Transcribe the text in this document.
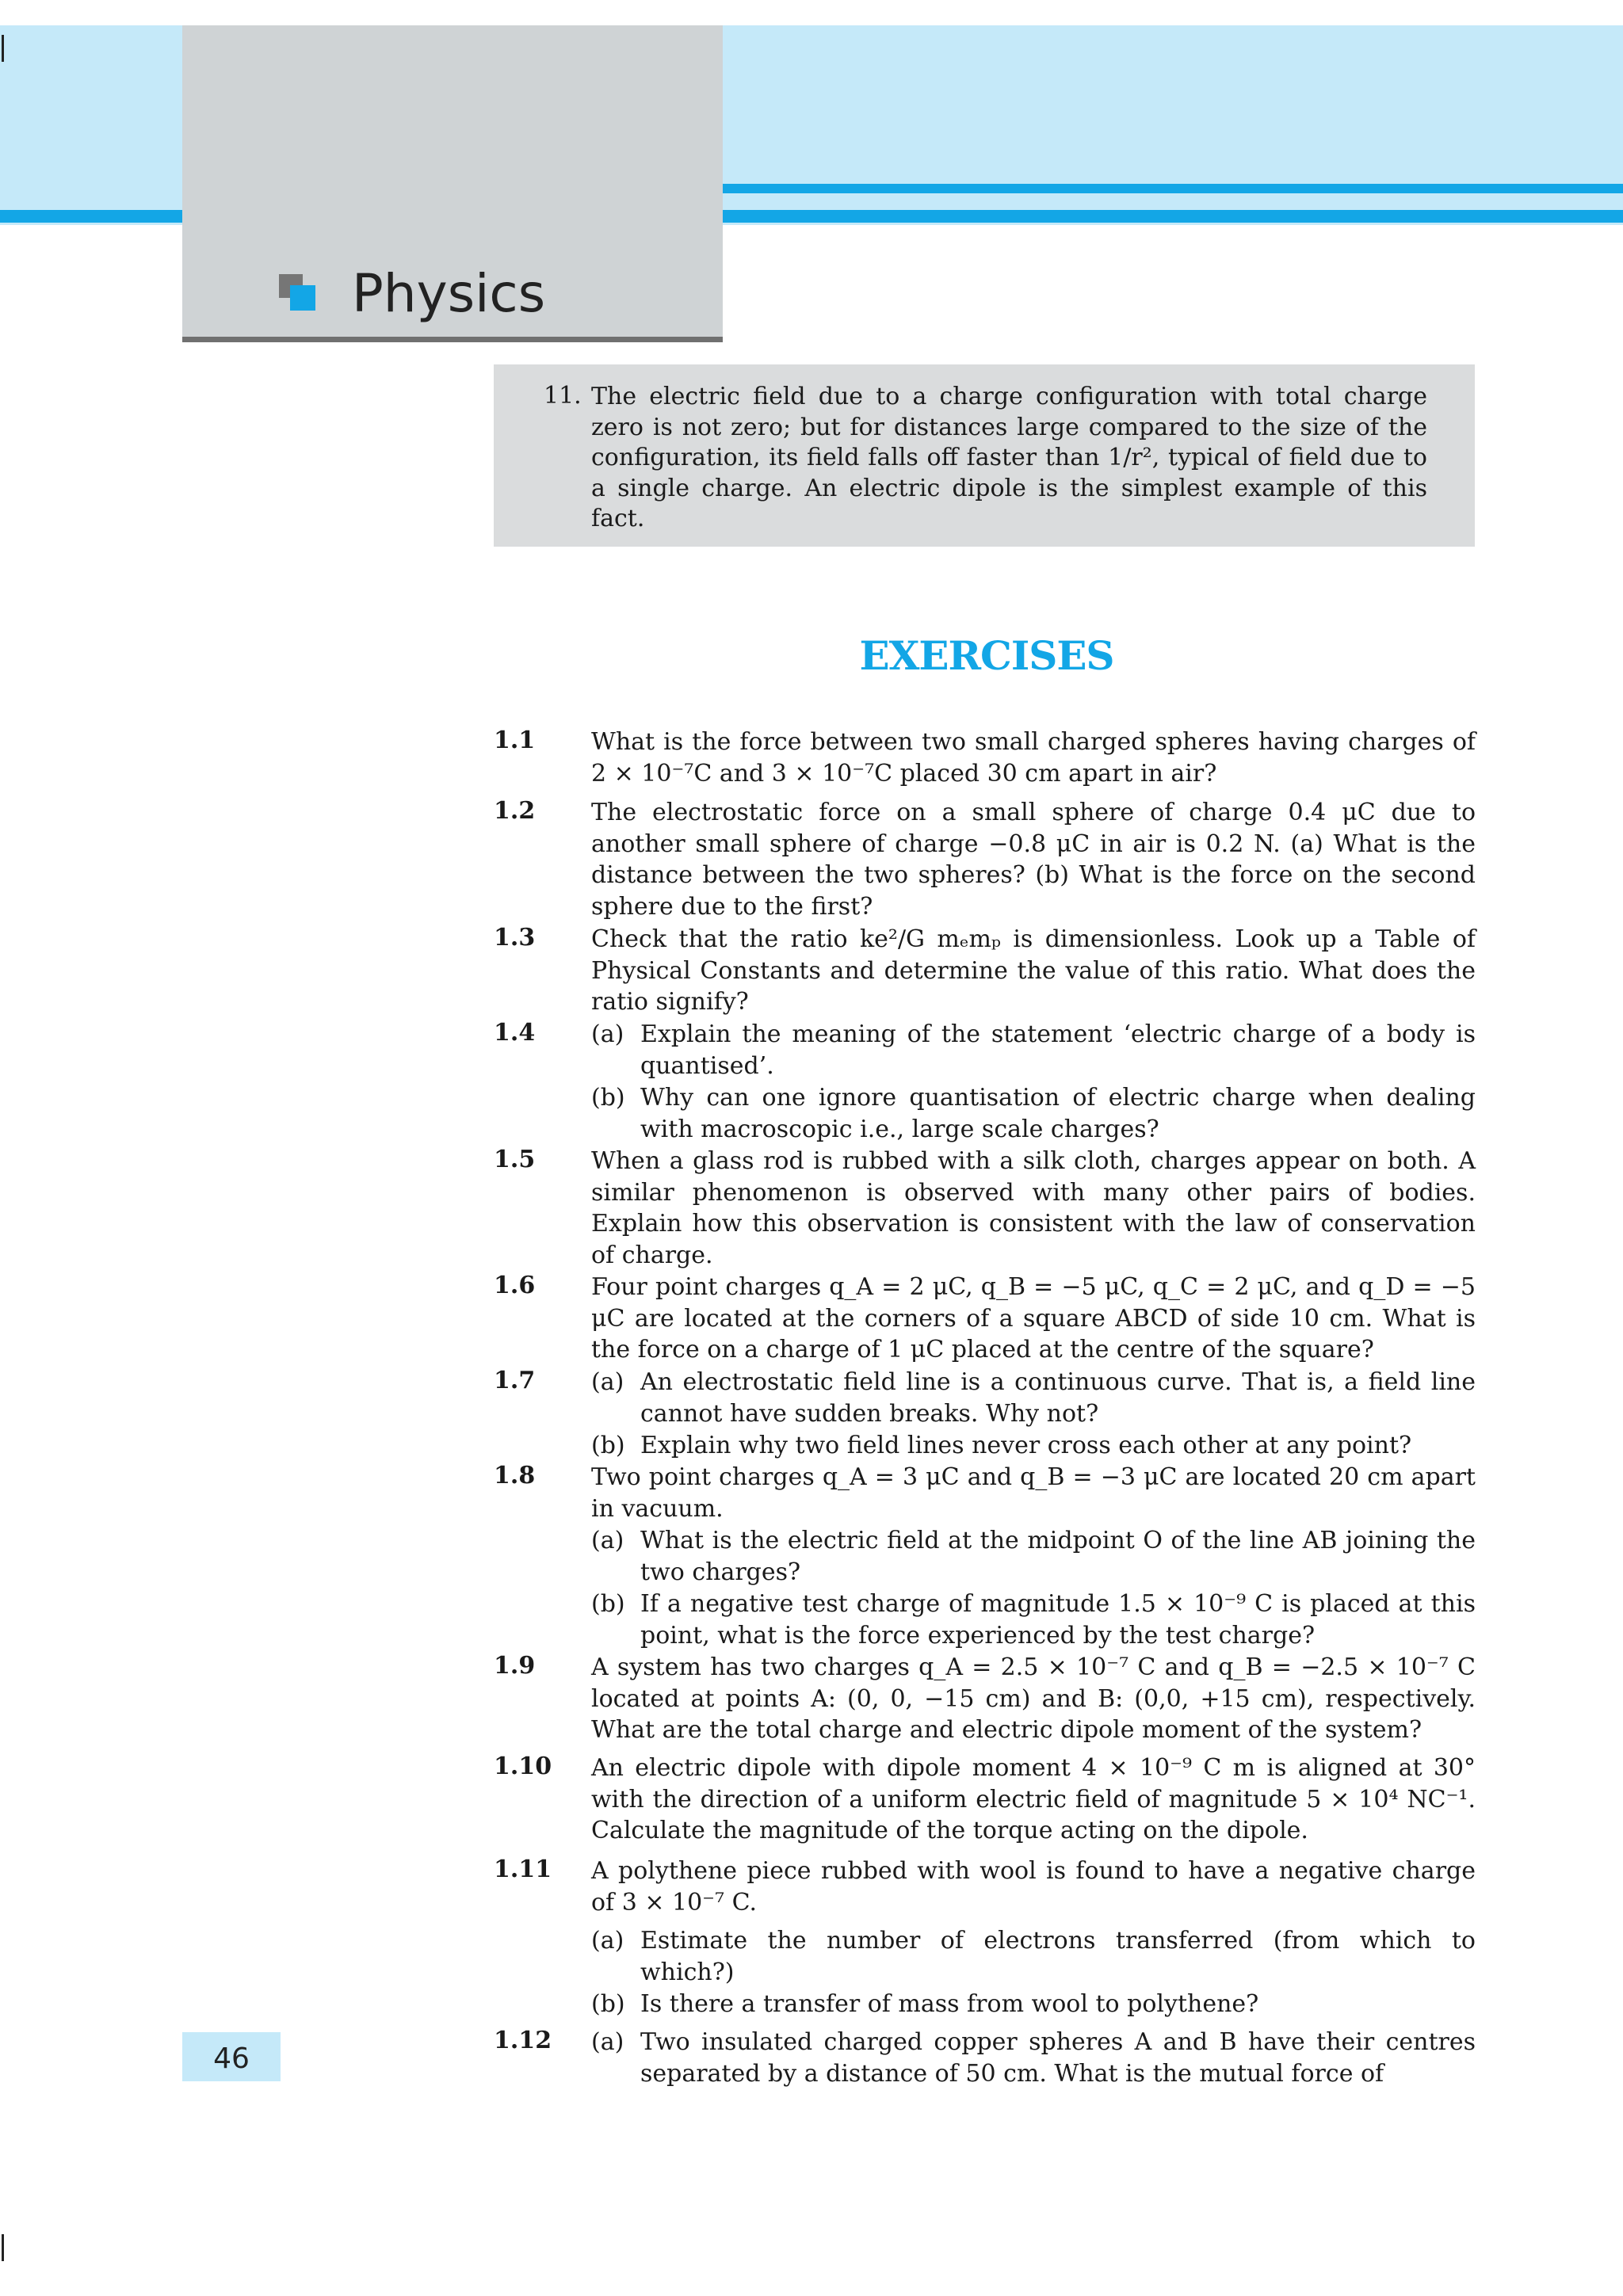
Physics
11. The electric field due to a charge configuration with total charge zero is not zero; but for distances large compared to the size of the configuration, its field falls off faster than 1/r², typical of field due to a single charge. An electric dipole is the simplest example of this fact.

EXERCISES
1.1 What is the force between two small charged spheres having charges of 2 × 10⁻⁷C and 3 × 10⁻⁷C placed 30 cm apart in air?

1.2 The electrostatic force on a small sphere of charge 0.4 μC due to another small sphere of charge −0.8 μC in air is 0.2 N. (a) What is the distance between the two spheres? (b) What is the force on the second sphere due to the first?

1.3 Check that the ratio ke²/G mₑmₚ is dimensionless. Look up a Table of Physical Constants and determine the value of this ratio. What does the ratio signify?

1.4 (a) Explain the meaning of the statement ‘electric charge of a body is quantised’.

(b) Why can one ignore quantisation of electric charge when dealing with macroscopic i.e., large scale charges?

1.5 When a glass rod is rubbed with a silk cloth, charges appear on both. A similar phenomenon is observed with many other pairs of bodies. Explain how this observation is consistent with the law of conservation of charge.

1.6 Four point charges q_A = 2 μC, q_B = −5 μC, q_C = 2 μC, and q_D = −5 μC are located at the corners of a square ABCD of side 10 cm. What is the force on a charge of 1 μC placed at the centre of the square?

1.7 (a) An electrostatic field line is a continuous curve. That is, a field line cannot have sudden breaks. Why not?

(b) Explain why two field lines never cross each other at any point?

1.8 Two point charges q_A = 3 μC and q_B = −3 μC are located 20 cm apart in vacuum.

(a) What is the electric field at the midpoint O of the line AB joining the two charges?

(b) If a negative test charge of magnitude 1.5 × 10⁻⁹ C is placed at this point, what is the force experienced by the test charge?

1.9 A system has two charges q_A = 2.5 × 10⁻⁷ C and q_B = −2.5 × 10⁻⁷ C located at points A: (0, 0, −15 cm) and B: (0,0, +15 cm), respectively. What are the total charge and electric dipole moment of the system?

1.10 An electric dipole with dipole moment 4 × 10⁻⁹ C m is aligned at 30° with the direction of a uniform electric field of magnitude 5 × 10⁴ NC⁻¹. Calculate the magnitude of the torque acting on the dipole.

1.11 A polythene piece rubbed with wool is found to have a negative charge of 3 × 10⁻⁷ C.

(a) Estimate the number of electrons transferred (from which to which?)

(b) Is there a transfer of mass from wool to polythene?

1.12 (a) Two insulated charged copper spheres A and B have their centres separated by a distance of 50 cm. What is the mutual force of

46
